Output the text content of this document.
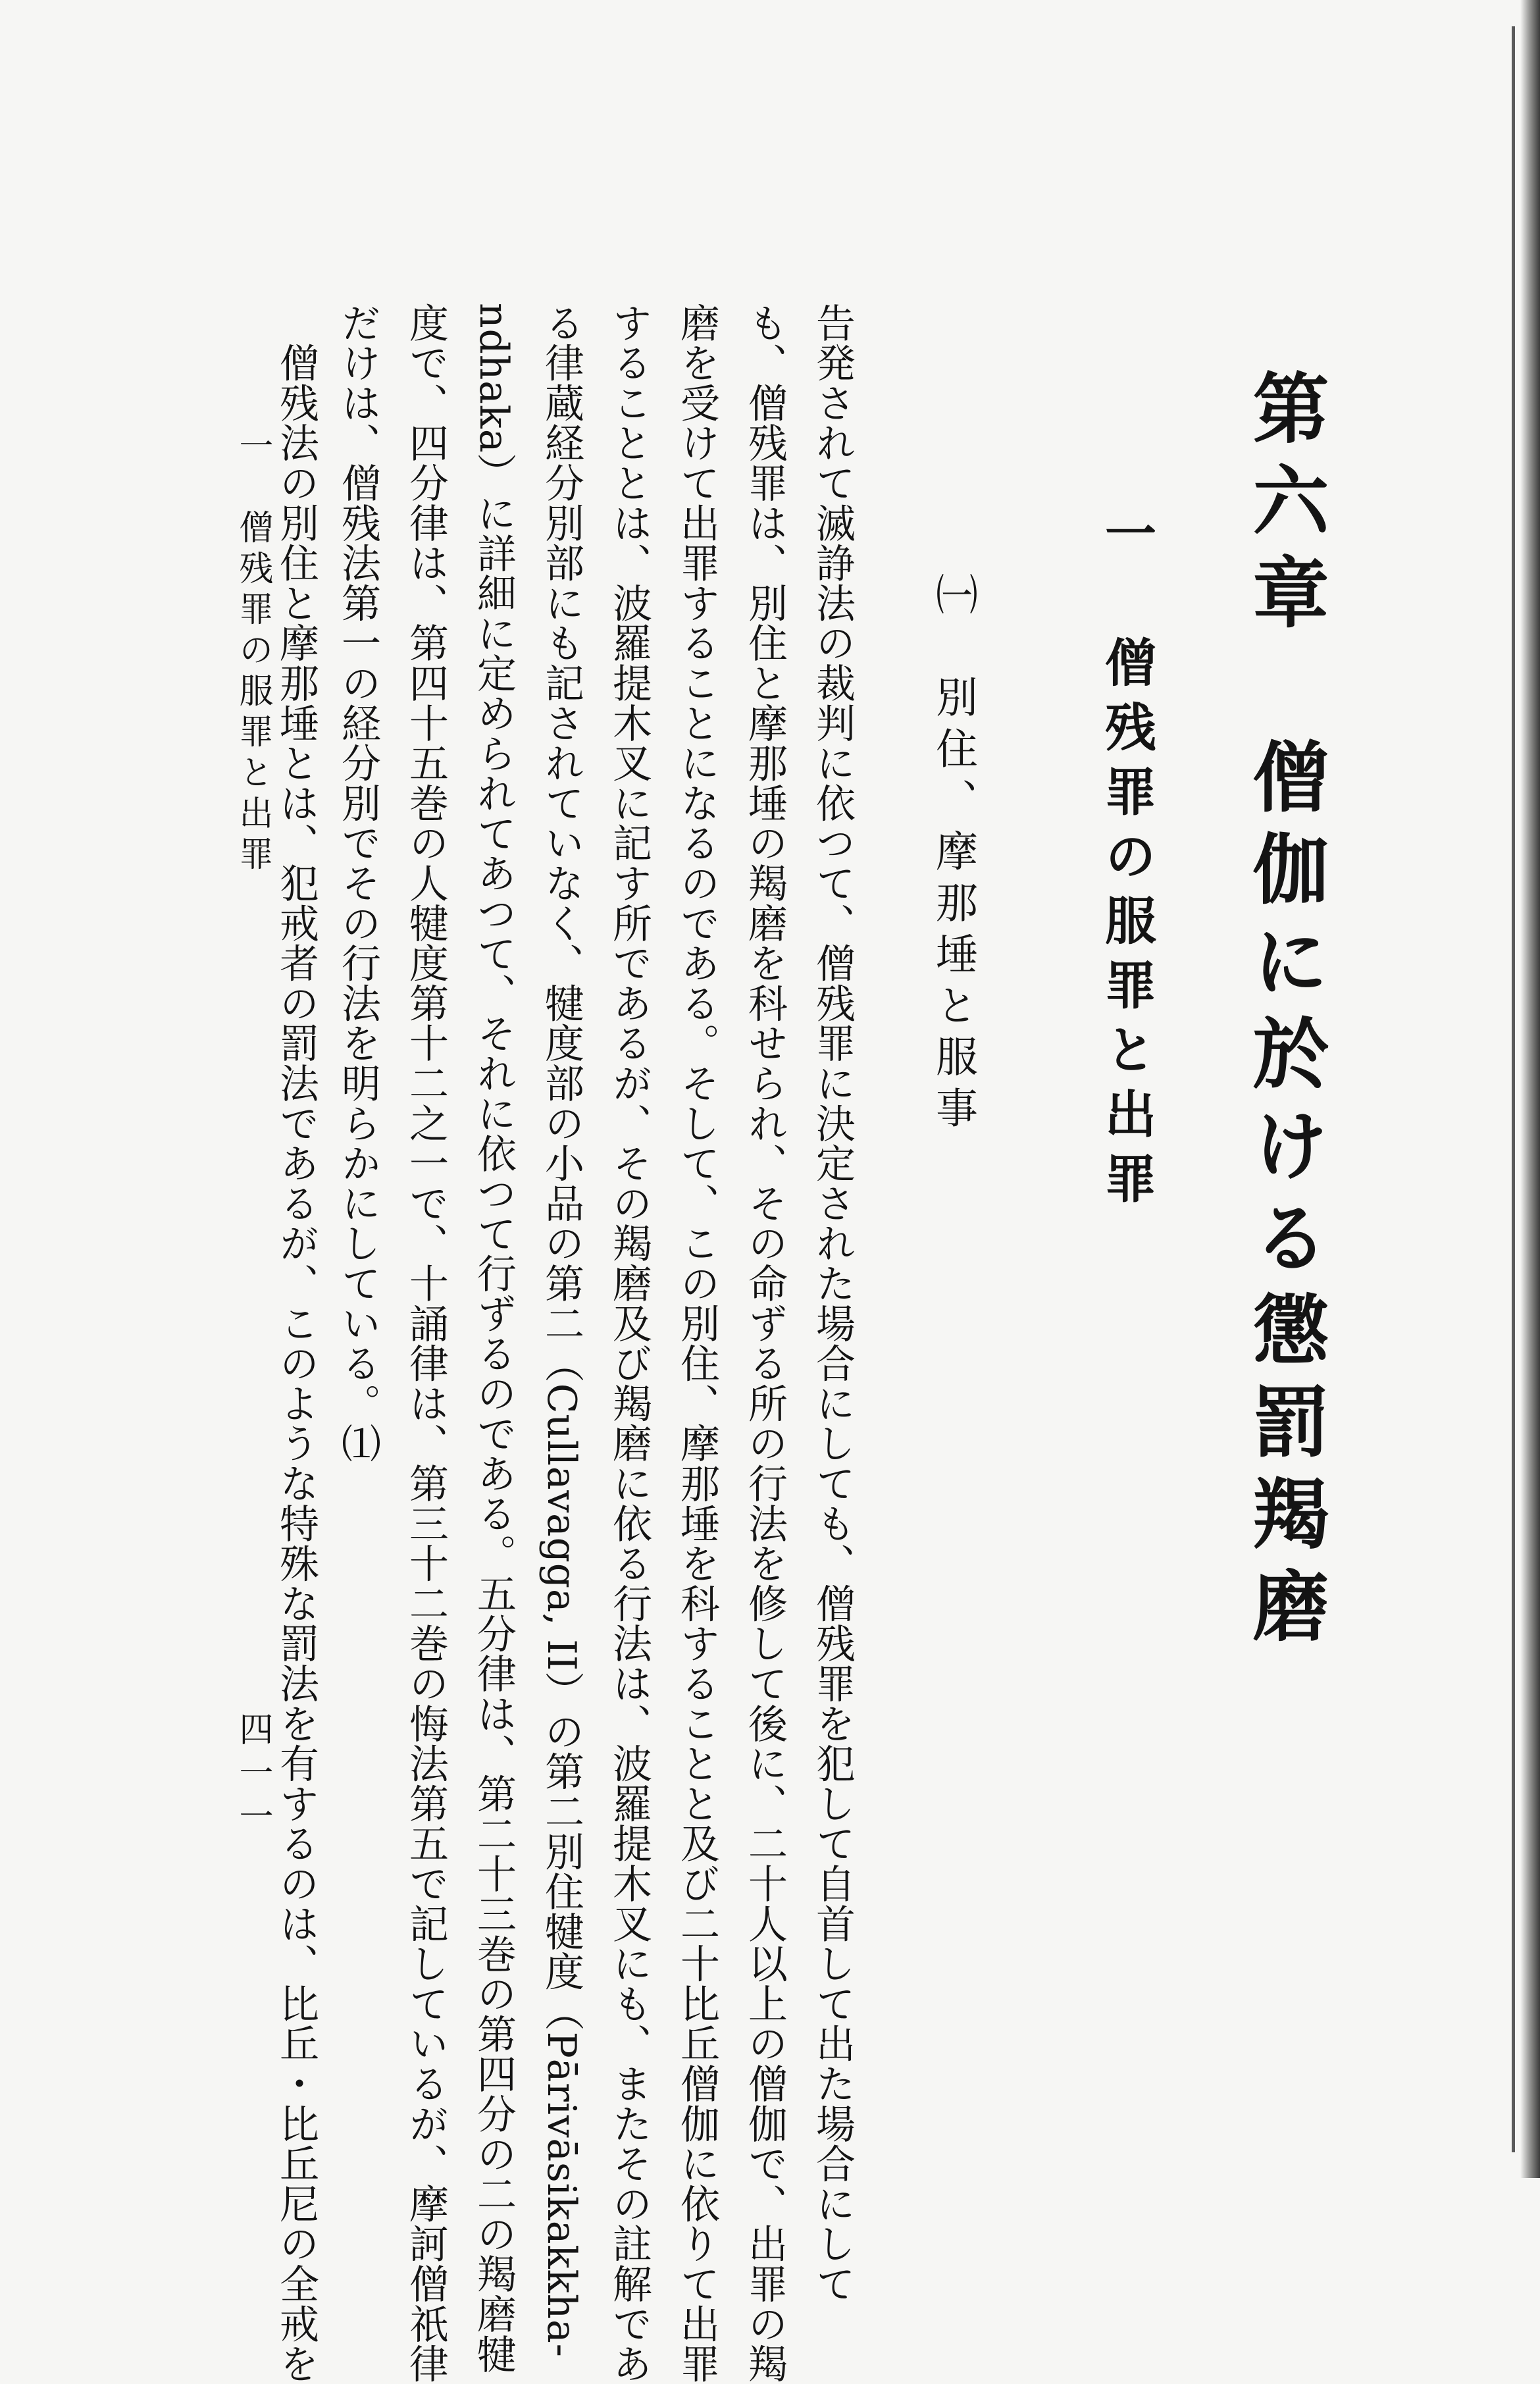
第六章　僧伽に於ける懲罰羯磨
一　僧残罪の服罪と出罪
㈠　別住、摩那埵と服事
告発されて滅諍法の裁判に依つて、僧残罪に決定された場合にしても、僧残罪を犯して自首して出た場合にして
も、僧残罪は、別住と摩那埵の羯磨を科せられ、その命ずる所の行法を修して後に、二十人以上の僧伽で、出罪の羯
磨を受けて出罪することになるのである。そして、この別住、摩那埵を科することと及び二十比丘僧伽に依りて出罪
することとは、波羅提木叉に記す所であるが、その羯磨及び羯磨に依る行法は、波羅提木叉にも、またその註解であ
る律蔵経分別部にも記されていなく、犍度部の小品の第二（Cullavagga, II）の第二別住犍度（Pārivāsikakkha-
ndhaka）に詳細に定められてあつて、それに依つて行ずるのである。五分律は、第二十三巻の第四分の二の羯磨犍
度で、四分律は、第四十五巻の人犍度第十二之一で、十誦律は、第三十二巻の悔法第五で記しているが、摩訶僧祇律
だけは、僧残法第一の経分別でその行法を明らかにしている。⑴
　僧残法の別住と摩那埵とは、犯戒者の罰法であるが、このような特殊な罰法を有するのは、比丘・比丘尼の全戒を
一　僧残罪の服罪と出罪
四一一
